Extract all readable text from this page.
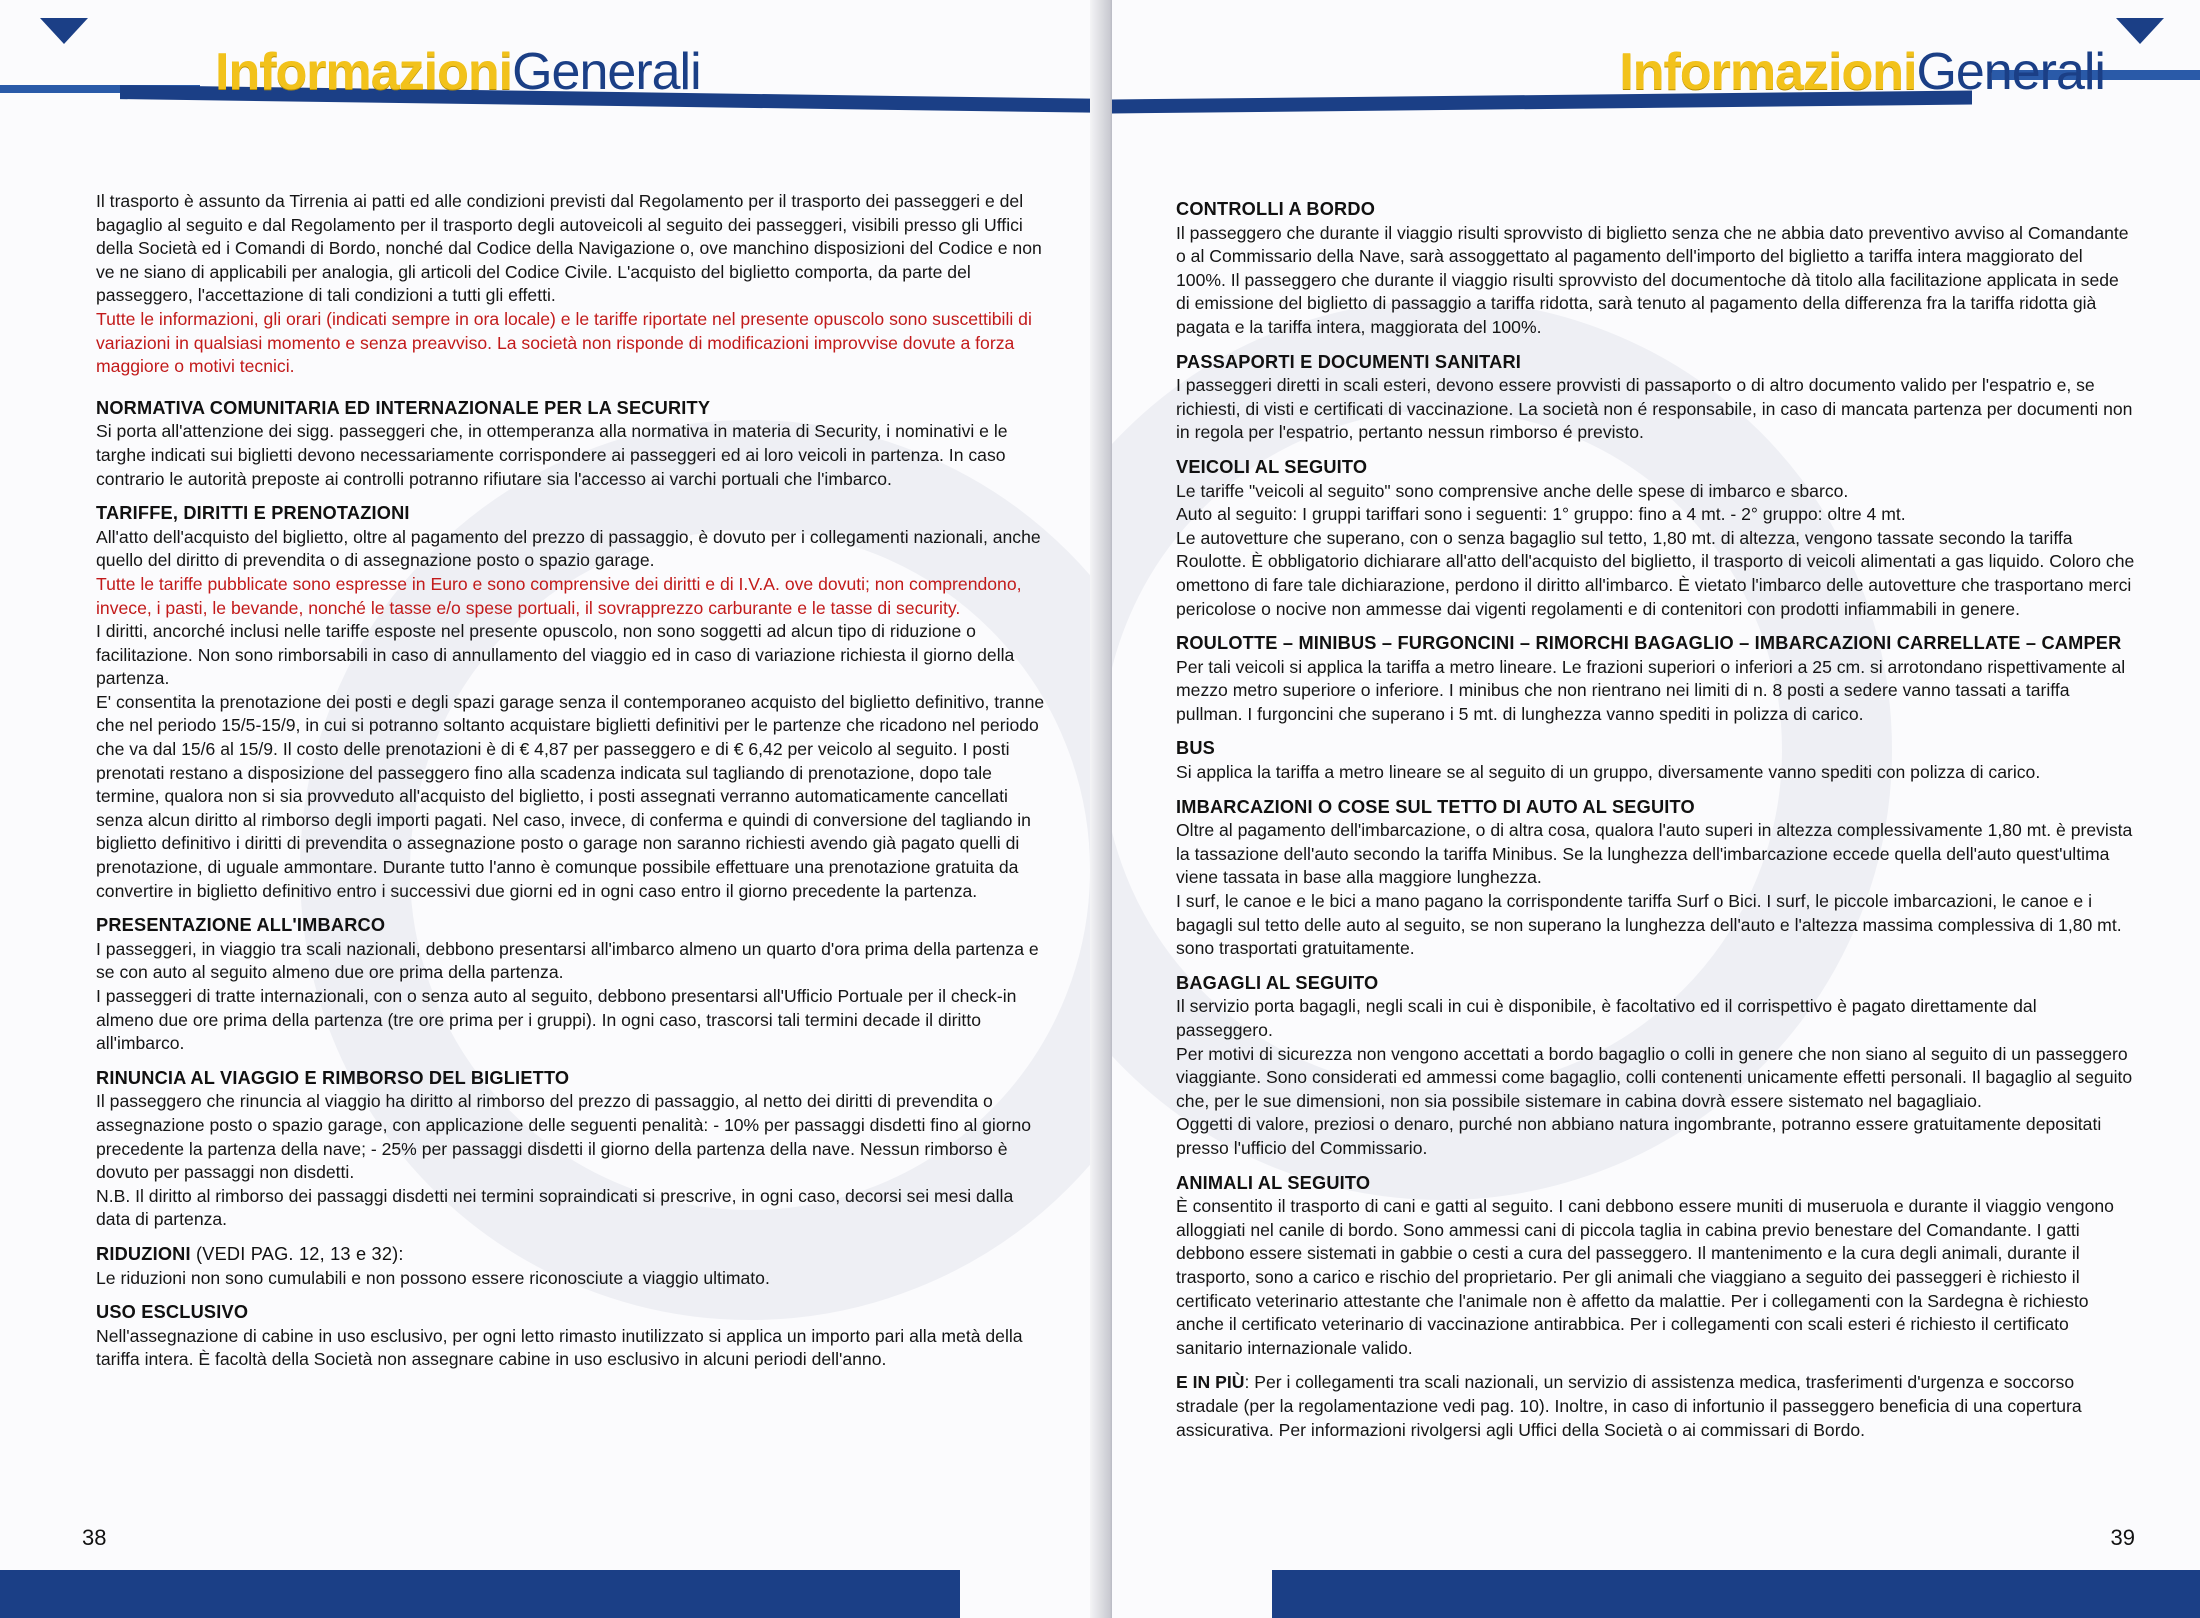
InformazioniGenerali

Il trasporto è assunto da Tirrenia ai patti ed alle condizioni previsti dal Regolamento per il trasporto dei passeggeri e del bagaglio al seguito e dal Regolamento per il trasporto degli autoveicoli al seguito dei passeggeri, visibili presso gli Uffici della Società ed i Comandi di Bordo, nonché dal Codice della Navigazione o, ove manchino disposizioni del Codice e non ve ne siano di applicabili per analogia, gli articoli del Codice Civile. L'acquisto del biglietto comporta, da parte del passeggero, l'accettazione di tali condizioni a tutti gli effetti.

Tutte le informazioni, gli orari (indicati sempre in ora locale) e le tariffe riportate nel presente opuscolo sono suscettibili di variazioni in qualsiasi momento e senza preavviso. La società non risponde di modificazioni improvvise dovute a forza maggiore o motivi tecnici.

NORMATIVA COMUNITARIA ED INTERNAZIONALE PER LA SECURITY

Si porta all'attenzione dei sigg. passeggeri che, in ottemperanza alla normativa in materia di Security, i nominativi e le targhe indicati sui biglietti devono necessariamente corrispondere ai passeggeri ed ai loro veicoli in partenza. In caso contrario le autorità preposte ai controlli potranno rifiutare sia l'accesso ai varchi portuali che l'imbarco.

TARIFFE, DIRITTI E PRENOTAZIONI

All'atto dell'acquisto del biglietto, oltre al pagamento del prezzo di passaggio, è dovuto per i collegamenti nazionali, anche quello del diritto di prevendita o di assegnazione posto o spazio garage.

Tutte le tariffe pubblicate sono espresse in Euro e sono comprensive dei diritti e di I.V.A. ove dovuti; non comprendono, invece, i pasti, le bevande, nonché le tasse e/o spese portuali, il sovrapprezzo carburante e le tasse di security.

I diritti, ancorché inclusi nelle tariffe esposte nel presente opuscolo, non sono soggetti ad alcun tipo di riduzione o facilitazione. Non sono rimborsabili in caso di annullamento del viaggio ed in caso di variazione richiesta il giorno della partenza.

E' consentita la prenotazione dei posti e degli spazi garage senza il contemporaneo acquisto del biglietto definitivo, tranne che nel periodo 15/5-15/9, in cui si potranno soltanto acquistare biglietti definitivi per le partenze che ricadono nel periodo che va dal 15/6 al 15/9. Il costo delle prenotazioni è di € 4,87 per passeggero e di € 6,42 per veicolo al seguito. I posti prenotati restano a disposizione del passeggero fino alla scadenza indicata sul tagliando di prenotazione, dopo tale termine, qualora non si sia provveduto all'acquisto del biglietto, i posti assegnati verranno automaticamente cancellati senza alcun diritto al rimborso degli importi pagati. Nel caso, invece, di conferma e quindi di conversione del tagliando in biglietto definitivo i diritti di prevendita o assegnazione posto o garage non saranno richiesti avendo già pagato quelli di prenotazione, di uguale ammontare. Durante tutto l'anno è comunque possibile effettuare una prenotazione gratuita da convertire in biglietto definitivo entro i successivi due giorni ed in ogni caso entro il giorno precedente la partenza.

PRESENTAZIONE ALL'IMBARCO

I passeggeri, in viaggio tra scali nazionali, debbono presentarsi all'imbarco almeno un quarto d'ora prima della partenza e se con auto al seguito almeno due ore prima della partenza.

I passeggeri di tratte internazionali, con o senza auto al seguito, debbono presentarsi all'Ufficio Portuale per il check-in almeno due ore prima della partenza (tre ore prima per i gruppi). In ogni caso, trascorsi tali termini decade il diritto all'imbarco.

RINUNCIA AL VIAGGIO E RIMBORSO DEL BIGLIETTO

Il passeggero che rinuncia al viaggio ha diritto al rimborso del prezzo di passaggio, al netto dei diritti di prevendita o assegnazione posto o spazio garage, con applicazione delle seguenti penalità: - 10% per passaggi disdetti fino al giorno precedente la partenza della nave; - 25% per passaggi disdetti il giorno della partenza della nave. Nessun rimborso è dovuto per passaggi non disdetti.

N.B. Il diritto al rimborso dei passaggi disdetti nei termini sopraindicati si prescrive, in ogni caso, decorsi sei mesi dalla data di partenza.

RIDUZIONI (VEDI PAG. 12, 13 e 32):

Le riduzioni non sono cumulabili e non possono essere riconosciute a viaggio ultimato.

USO ESCLUSIVO

Nell'assegnazione di cabine in uso esclusivo, per ogni letto rimasto inutilizzato si applica un importo pari alla metà della tariffa intera. È facoltà della Società non assegnare cabine in uso esclusivo in alcuni periodi dell'anno.

38
InformazioniGenerali
CONTROLLI A BORDO

Il passeggero che durante il viaggio risulti sprovvisto di biglietto senza che ne abbia dato preventivo avviso al Comandante o al Commissario della Nave, sarà assoggettato al pagamento dell'importo del biglietto a tariffa intera maggiorato del 100%. Il passeggero che durante il viaggio risulti sprovvisto del documentoche dà titolo alla facilitazione applicata in sede di emissione del biglietto di passaggio a tariffa ridotta, sarà tenuto al pagamento della differenza fra la tariffa ridotta già pagata e la tariffa intera, maggiorata del 100%.

PASSAPORTI E DOCUMENTI SANITARI

I passeggeri diretti in scali esteri, devono essere provvisti di passaporto o di altro documento valido per l'espatrio e, se richiesti, di visti e certificati di vaccinazione. La società non é responsabile, in caso di mancata partenza per documenti non in regola per l'espatrio, pertanto nessun rimborso é previsto.

VEICOLI AL SEGUITO

Le tariffe "veicoli al seguito" sono comprensive anche delle spese di imbarco e sbarco.

Auto al seguito: I gruppi tariffari sono i seguenti: 1° gruppo: fino a 4 mt. - 2° gruppo: oltre 4 mt.

Le autovetture che superano, con o senza bagaglio sul tetto, 1,80 mt. di altezza, vengono tassate secondo la tariffa Roulotte. È obbligatorio dichiarare all'atto dell'acquisto del biglietto, il trasporto di veicoli alimentati a gas liquido. Coloro che omettono di fare tale dichiarazione, perdono il diritto all'imbarco. È vietato l'imbarco delle autovetture che trasportano merci pericolose o nocive non ammesse dai vigenti regolamenti e di contenitori con prodotti infiammabili in genere.

ROULOTTE – MINIBUS – FURGONCINI – RIMORCHI BAGAGLIO – IMBARCAZIONI CARRELLATE – CAMPER

Per tali veicoli si applica la tariffa a metro lineare. Le frazioni superiori o inferiori a 25 cm. si arrotondano rispettivamente al mezzo metro superiore o inferiore. I minibus che non rientrano nei limiti di n. 8 posti a sedere vanno tassati a tariffa pullman. I furgoncini che superano i 5 mt. di lunghezza vanno spediti in polizza di carico.

BUS

Si applica la tariffa a metro lineare se al seguito di un gruppo, diversamente vanno spediti con polizza di carico.

IMBARCAZIONI O COSE SUL TETTO DI AUTO AL SEGUITO

Oltre al pagamento dell'imbarcazione, o di altra cosa, qualora l'auto superi in altezza complessivamente 1,80 mt. è prevista la tassazione dell'auto secondo la tariffa Minibus. Se la lunghezza dell'imbarcazione eccede quella dell'auto quest'ultima viene tassata in base alla maggiore lunghezza.

I surf, le canoe e le bici a mano pagano la corrispondente tariffa Surf o Bici. I surf, le piccole imbarcazioni, le canoe e i bagagli sul tetto delle auto al seguito, se non superano la lunghezza dell'auto e l'altezza massima complessiva di 1,80 mt. sono trasportati gratuitamente.

BAGAGLI AL SEGUITO

Il servizio porta bagagli, negli scali in cui è disponibile, è facoltativo ed il corrispettivo è pagato direttamente dal passeggero.

Per motivi di sicurezza non vengono accettati a bordo bagaglio o colli in genere che non siano al seguito di un passeggero viaggiante. Sono considerati ed ammessi come bagaglio, colli contenenti unicamente effetti personali. Il bagaglio al seguito che, per le sue dimensioni, non sia possibile sistemare in cabina dovrà essere sistemato nel bagagliaio.

Oggetti di valore, preziosi o denaro, purché non abbiano natura ingombrante, potranno essere gratuitamente depositati presso l'ufficio del Commissario.

ANIMALI AL SEGUITO

È consentito il trasporto di cani e gatti al seguito. I cani debbono essere muniti di museruola e durante il viaggio vengono alloggiati nel canile di bordo. Sono ammessi cani di piccola taglia in cabina previo benestare del Comandante. I gatti debbono essere sistemati in gabbie o cesti a cura del passeggero. Il mantenimento e la cura degli animali, durante il trasporto, sono a carico e rischio del proprietario. Per gli animali che viaggiano a seguito dei passeggeri è richiesto il certificato veterinario attestante che l'animale non è affetto da malattie. Per i collegamenti con la Sardegna è richiesto anche il certificato veterinario di vaccinazione antirabbica. Per i collegamenti con scali esteri é richiesto il certificato sanitario internazionale valido.

E IN PIÙ: Per i collegamenti tra scali nazionali, un servizio di assistenza medica, trasferimenti d'urgenza e soccorso stradale (per la regolamentazione vedi pag. 10). Inoltre, in caso di infortunio il passeggero beneficia di una copertura assicurativa. Per informazioni rivolgersi agli Uffici della Società o ai commissari di Bordo.

39
